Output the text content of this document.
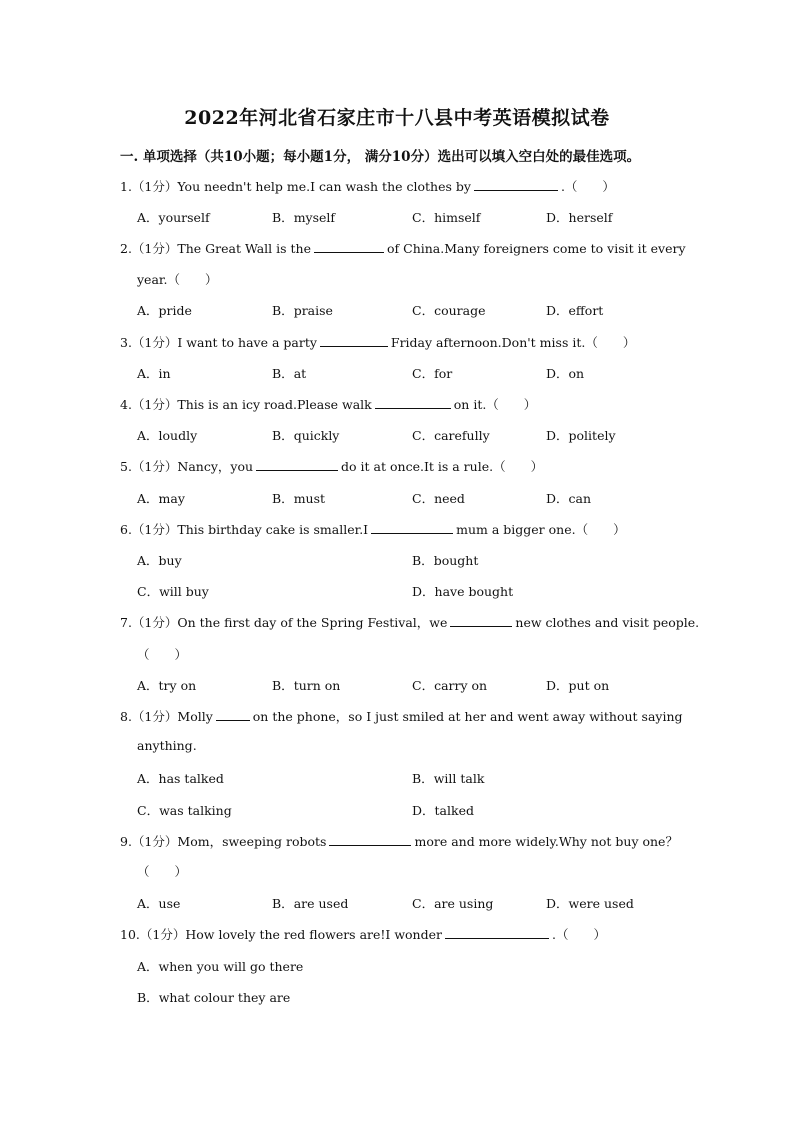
2022年河北省石家庄市十八县中考英语模拟试卷
一. 单项选择（共10小题；每小题1分， 满分10分）选出可以填入空白处的最佳选项。
1.（1分）You needn't help me.I can wash the clothes by	.（　　）
A．yourself	B．myself	C．himself	D．herself
2.（1分）The Great Wall is the	of China.Many foreigners come to visit it every
year.（　　）
A．pride	B．praise	C．courage	D．effort
3.（1分）I want to have a party	Friday afternoon.Don't miss it.（　　）
A．in	B．at	C．for	D．on
4.（1分）This is an icy road.Please walk	on it.（　　）
A．loudly	B．quickly	C．carefully	D．politely
5.（1分）Nancy，you	do it at once.It is a rule.（　　）
A．may	B．must	C．need	D．can
6.（1分）This birthday cake is smaller.I	mum a bigger one.（　　）
A．buy	B．bought
C．will buy	D．have bought
7.（1分）On the first day of the Spring Festival，we	new clothes and visit people.
（　　）
A．try on	B．turn on	C．carry on	D．put on
8.（1分）Molly	on the phone，so I just smiled at her and went away without saying
anything.
A．has talked	B．will talk
C．was talking	D．talked
9.（1分）Mom，sweeping robots	more and more widely.Why not buy one？
（　　）
A．use	B．are used	C．are using	D．were used
10.（1分）How lovely the red flowers are!I wonder	.（　　）
A．when you will go there
B．what colour they are
